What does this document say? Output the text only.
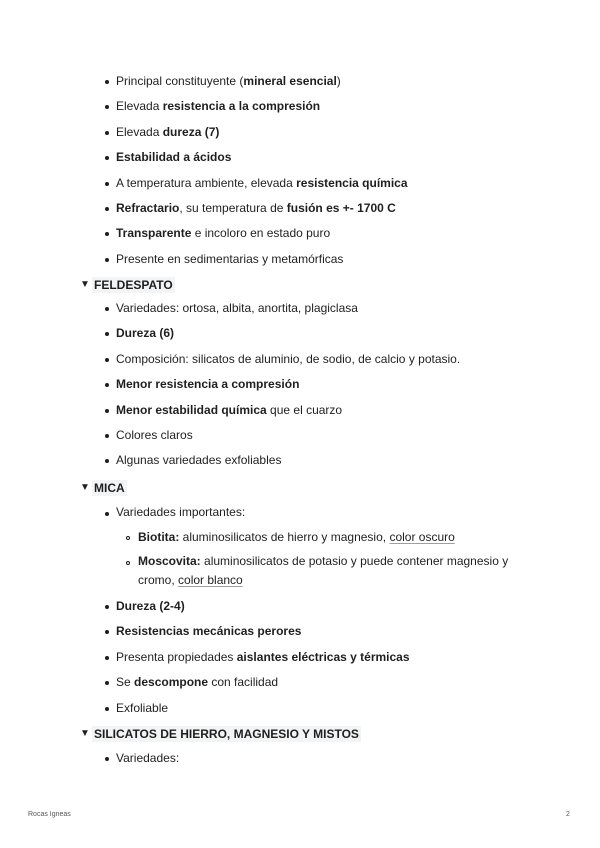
Principal constituyente (mineral esencial)
Elevada resistencia a la compresión
Elevada dureza (7)
Estabilidad a ácidos
A temperatura ambiente, elevada resistencia química
Refractario, su temperatura de fusión es +- 1700 C
Transparente e incoloro en estado puro
Presente en sedimentarias y metamórficas
▼ FELDESPATO
Variedades: ortosa, albita, anortita, plagiclasa
Dureza (6)
Composición: silicatos de aluminio, de sodio, de calcio y potasio.
Menor resistencia a compresión
Menor estabilidad química que el cuarzo
Colores claros
Algunas variedades exfoliables
▼ MICA
Variedades importantes:
Biotita: aluminosilicatos de hierro y magnesio, color oscuro
Moscovita: aluminosilicatos de potasio y puede contener magnesio y cromo, color blanco
Dureza (2-4)
Resistencias mecánicas perores
Presenta propiedades aislantes eléctricas y térmicas
Se descompone con facilidad
Exfoliable
▼ SILICATOS DE HIERRO, MAGNESIO Y MISTOS
Variedades:
Rocas Igneas	2
